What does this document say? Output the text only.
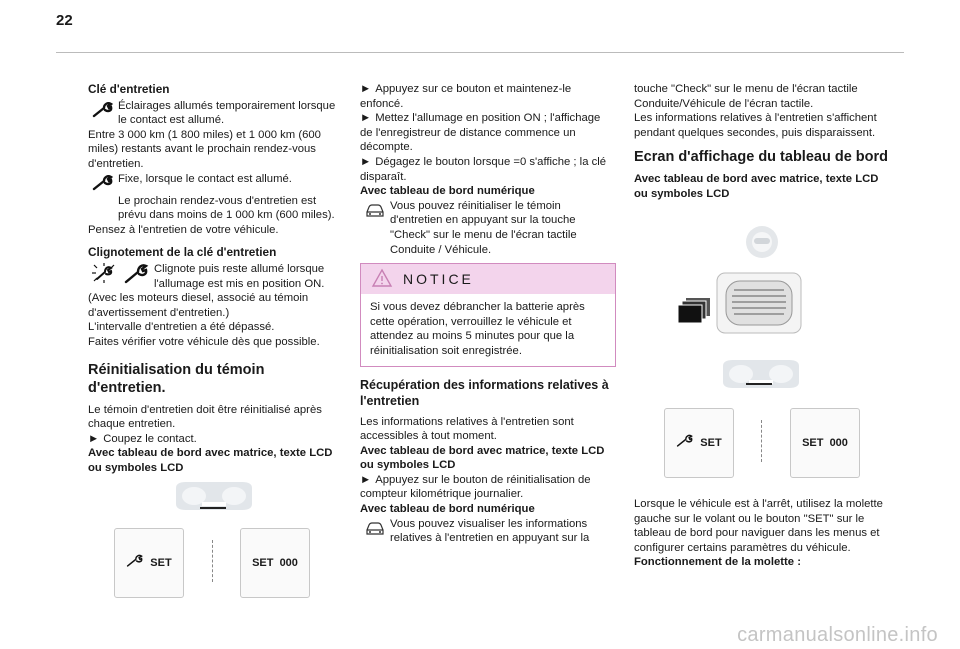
22

Clé d'entretien

Éclairages allumés temporairement lorsque le contact est allumé.

Entre 3 000 km (1 800 miles) et 1 000 km (600 miles) restants avant le prochain rendez-vous d'entretien.

Fixe, lorsque le contact est allumé.
Le prochain rendez-vous d'entretien est prévu dans moins de 1 000 km (600 miles).

Pensez à l'entretien de votre véhicule.

Clignotement de la clé d'entretien

Clignote puis reste allumé lorsque l'allumage est mis en position ON.

(Avec les moteurs diesel, associé au témoin d'avertissement d'entretien.)

L'intervalle d'entretien a été dépassé.

Faites vérifier votre véhicule dès que possible.

Réinitialisation du témoin d'entretien.

Le témoin d'entretien doit être réinitialisé après chaque entretien.

► Coupez le contact.

Avec tableau de bord avec matrice, texte LCD ou symboles LCD

SET	SET  000

► Appuyez sur ce bouton et maintenez-le enfoncé.

► Mettez l'allumage en position ON ; l'affichage de l'enregistreur de distance commence un décompte.

► Dégagez le bouton lorsque =0 s'affiche ; la clé disparaît.

Avec tableau de bord numérique

Vous pouvez réinitialiser le témoin d'entretien en appuyant sur la touche "Check" sur le menu de l'écran tactile Conduite / Véhicule.
NOTICE
Si vous devez débrancher la batterie après cette opération, verrouillez le véhicule et attendez au moins 5 minutes pour que la réinitialisation soit enregistrée.

Récupération des informations relatives à l'entretien

Les informations relatives à l'entretien sont accessibles à tout moment.

Avec tableau de bord avec matrice, texte LCD ou symboles LCD

► Appuyez sur le bouton de réinitialisation de compteur kilométrique journalier.

Avec tableau de bord numérique

Vous pouvez visualiser les informations relatives à l'entretien en appuyant sur la

touche "Check" sur le menu de l'écran tactile Conduite/Véhicule de l'écran tactile.

Les informations relatives à l'entretien s'affichent pendant quelques secondes, puis disparaissent.

Ecran d'affichage du tableau de bord

Avec tableau de bord avec matrice, texte LCD ou symboles LCD

SET	SET  000

Lorsque le véhicule est à l'arrêt, utilisez la molette gauche sur le volant ou le bouton "SET" sur le tableau de bord pour naviguer dans les menus et configurer certains paramètres du véhicule.

Fonctionnement de la molette :

carmanualsonline.info
